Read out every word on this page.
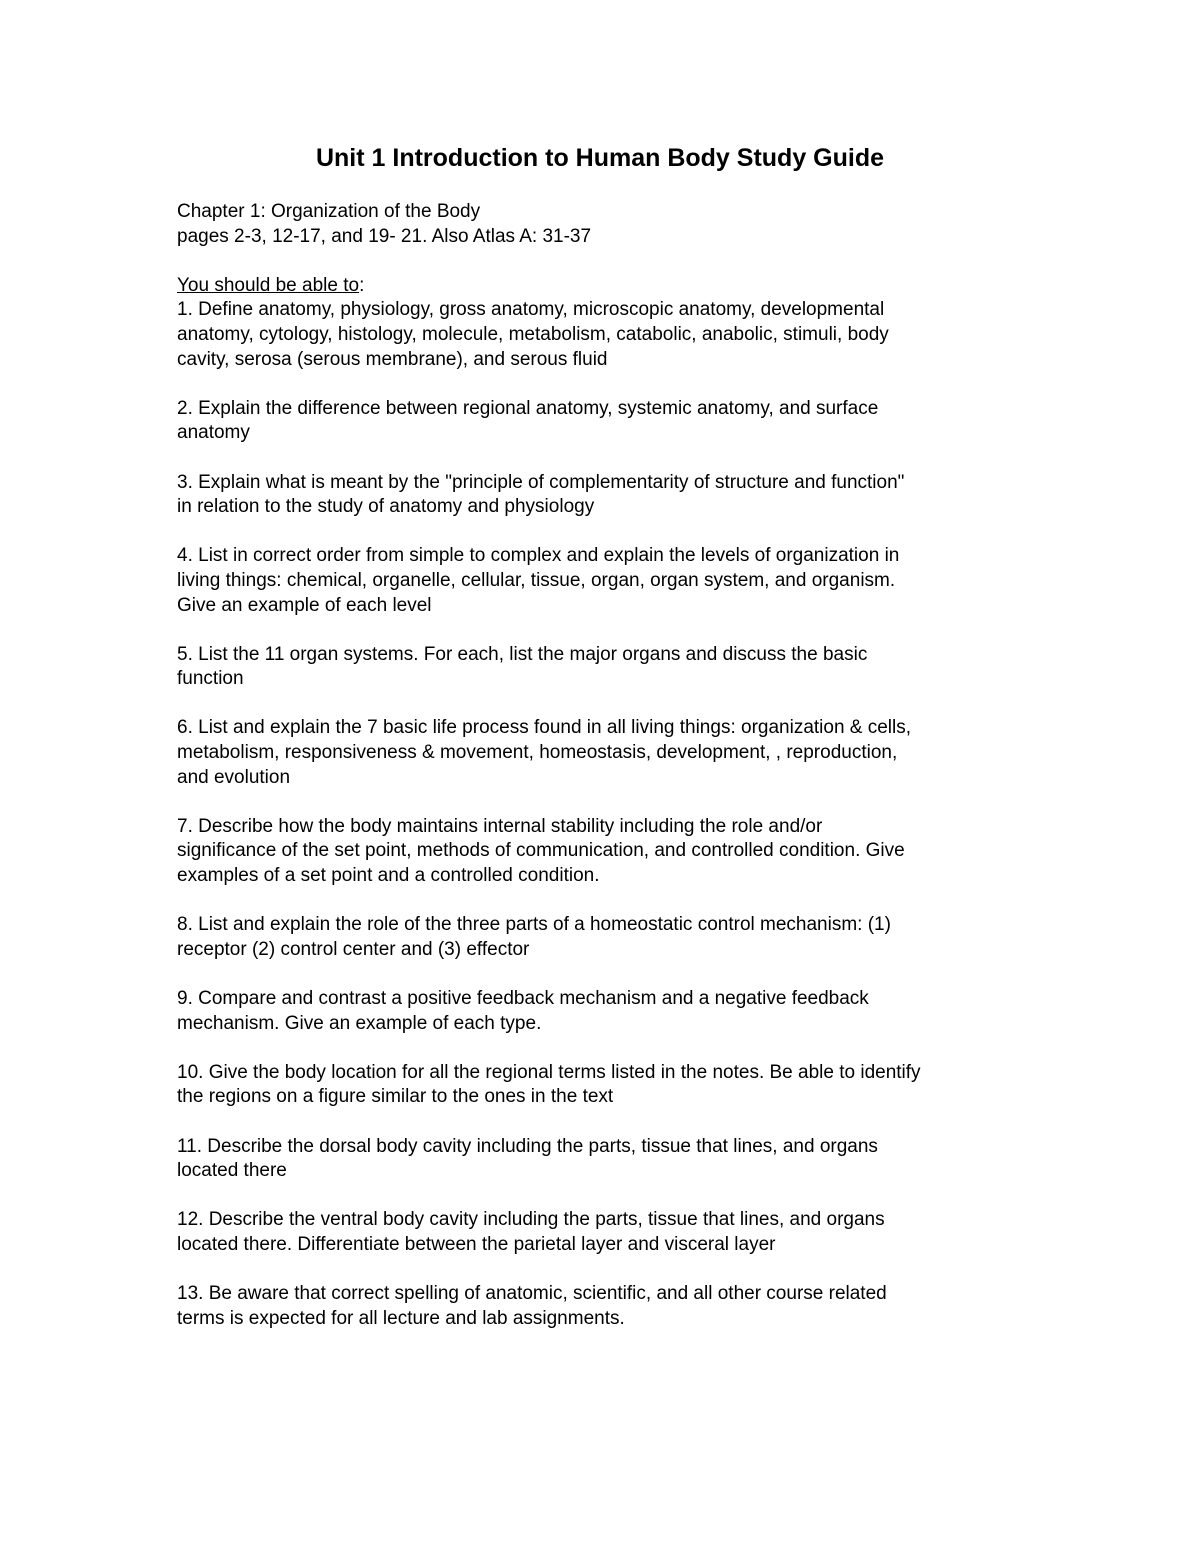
Unit 1 Introduction to Human Body Study Guide
Chapter 1: Organization of the Body
pages 2-3, 12-17, and 19- 21. Also Atlas A: 31-37
You should be able to:
1. Define anatomy, physiology, gross anatomy, microscopic anatomy, developmental
anatomy, cytology, histology, molecule, metabolism, catabolic, anabolic, stimuli, body
cavity, serosa (serous membrane), and serous fluid
2. Explain the difference between regional anatomy, systemic anatomy, and surface
anatomy
3. Explain what is meant by the "principle of complementarity of structure and function"
in relation to the study of anatomy and physiology
4. List in correct order from simple to complex and explain the levels of organization in
living things: chemical, organelle, cellular, tissue, organ, organ system, and organism.
Give an example of each level
5. List the 11 organ systems. For each, list the major organs and discuss the basic
function
6. List and explain the 7 basic life process found in all living things: organization & cells,
metabolism, responsiveness & movement, homeostasis, development, , reproduction,
and evolution
7. Describe how the body maintains internal stability including the role and/or
significance of the set point, methods of communication, and controlled condition. Give
examples of a set point and a controlled condition.
8. List and explain the role of the three parts of a homeostatic control mechanism: (1)
receptor (2) control center and (3) effector
9. Compare and contrast a positive feedback mechanism and a negative feedback
mechanism. Give an example of each type.
10. Give the body location for all the regional terms listed in the notes. Be able to identify
the regions on a figure similar to the ones in the text
11. Describe the dorsal body cavity including the parts, tissue that lines, and organs
located there
12. Describe the ventral body cavity including the parts, tissue that lines, and organs
located there. Differentiate between the parietal layer and visceral layer
13. Be aware that correct spelling of anatomic, scientific, and all other course related
terms is expected for all lecture and lab assignments.
